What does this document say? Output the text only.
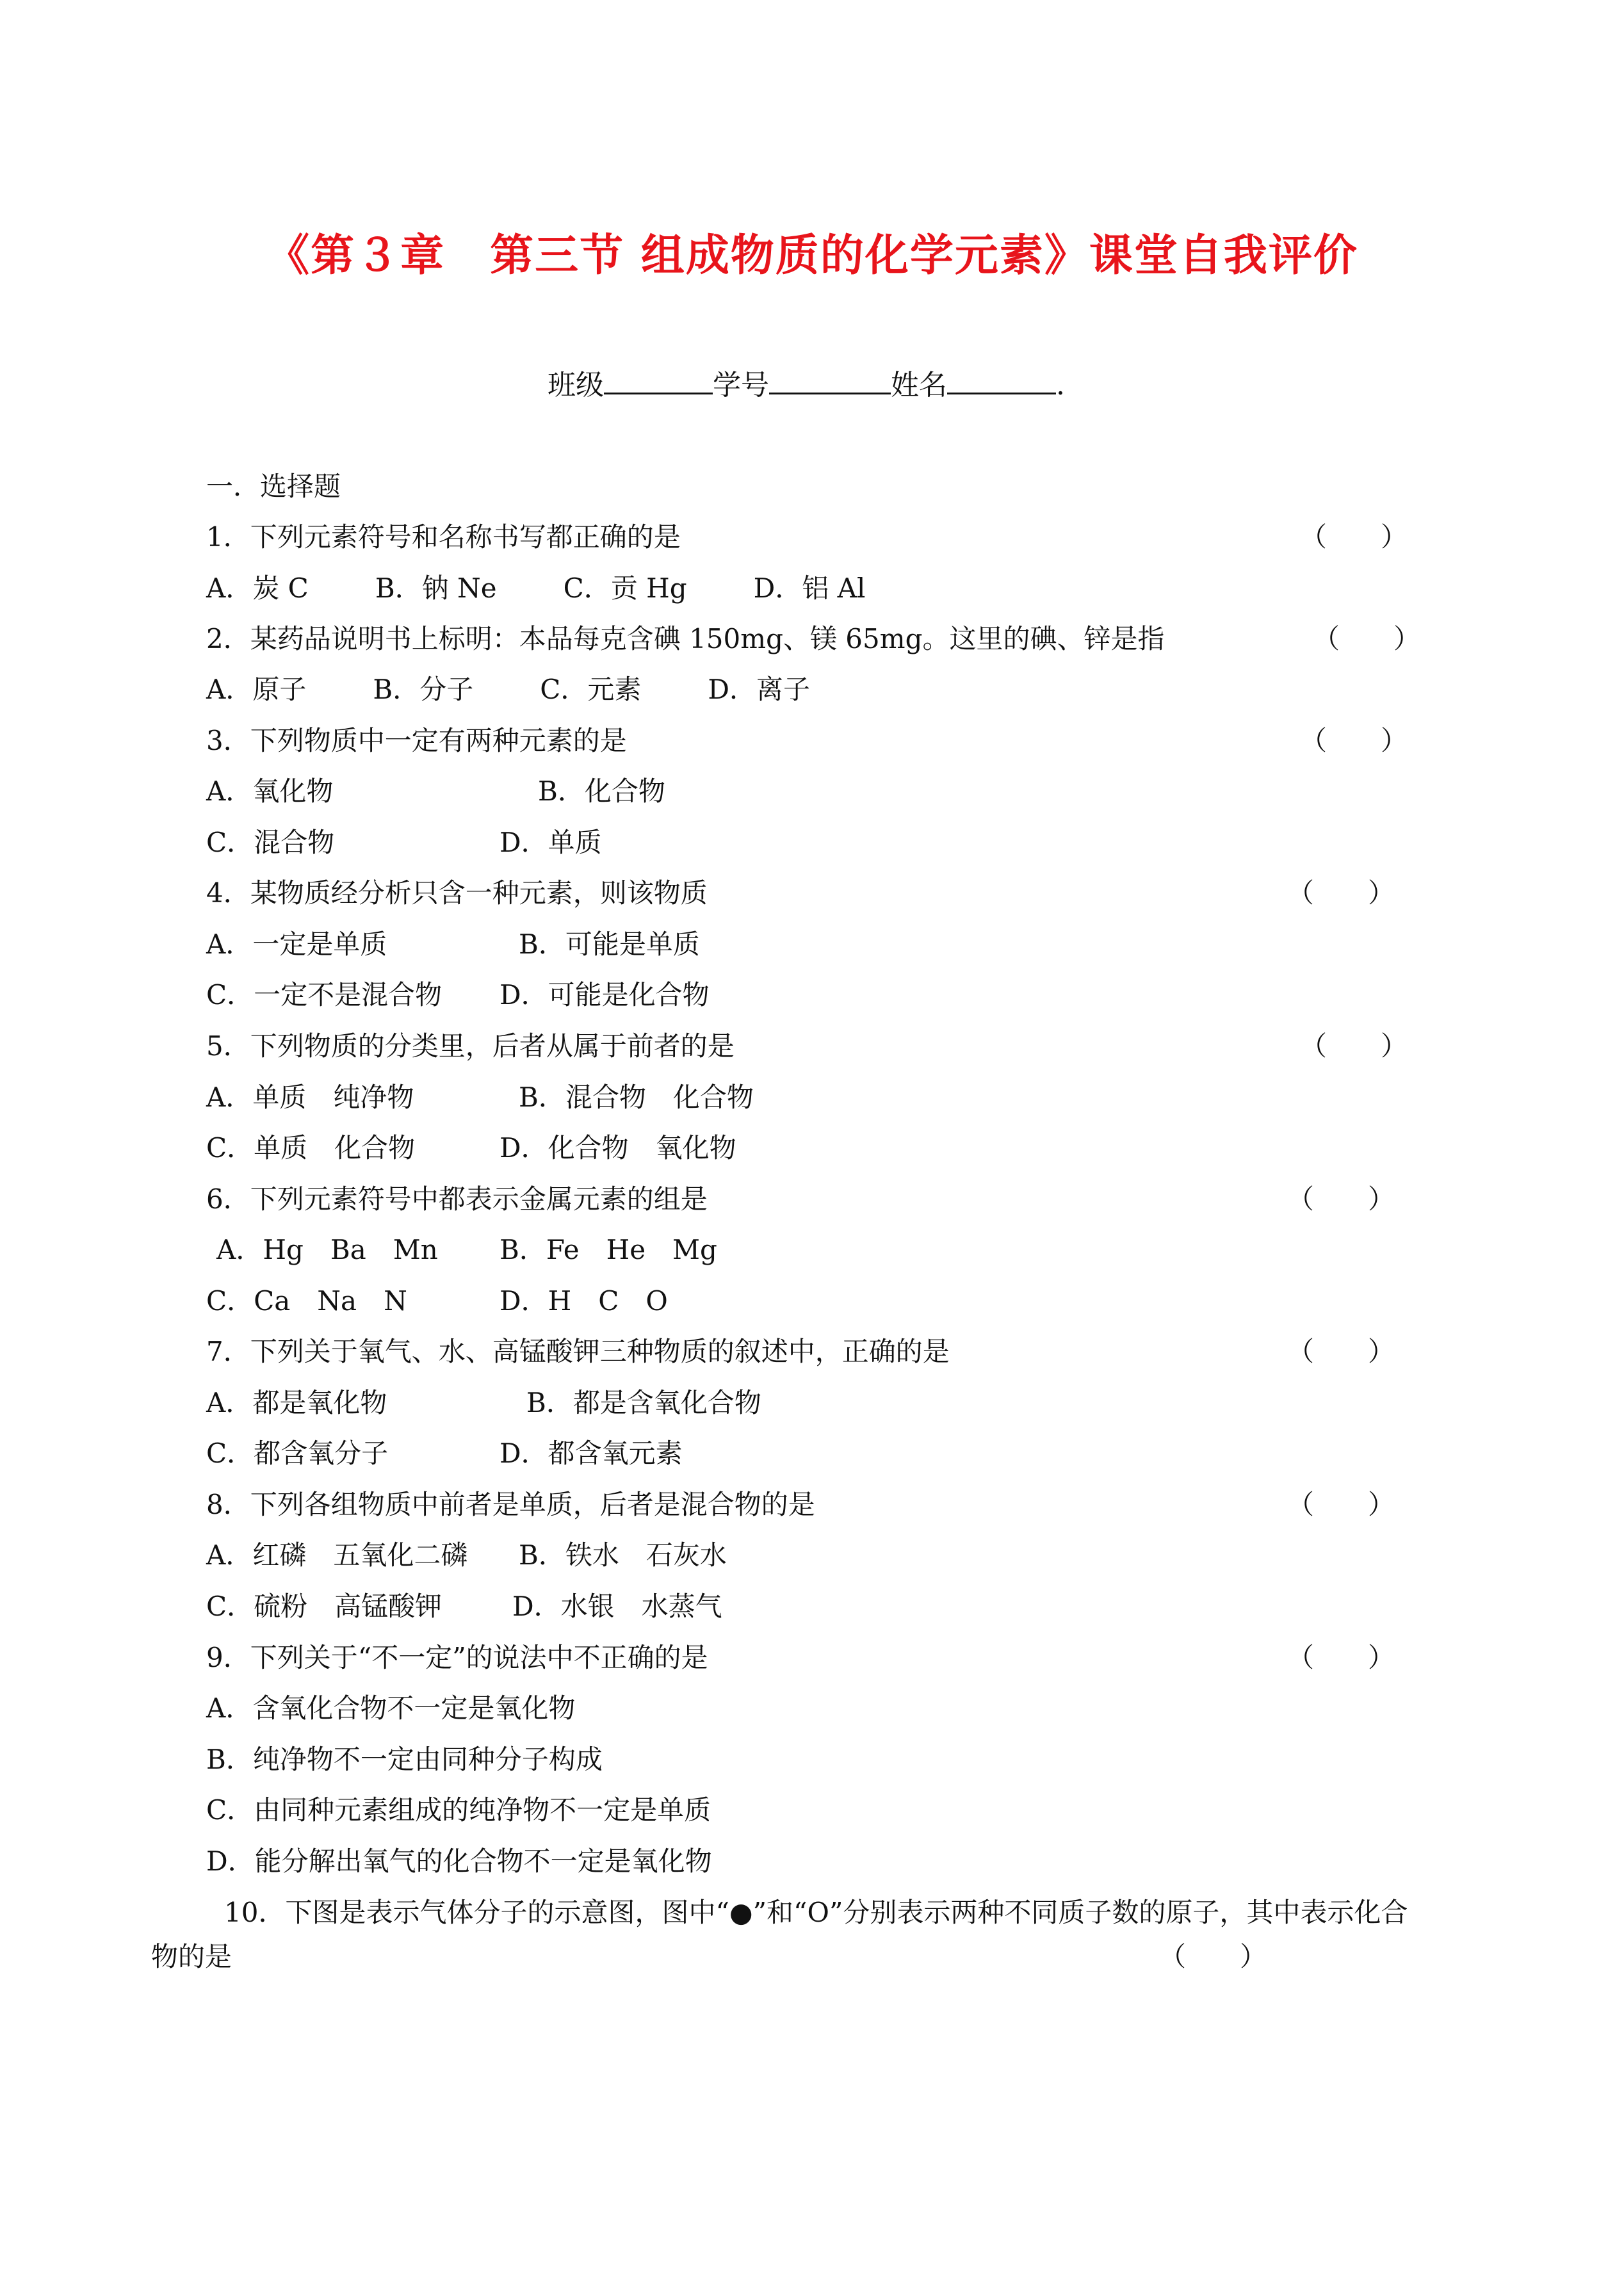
《第３章　第三节 组成物质的化学元素》课堂自我评价
班级	学号	姓名	.
一．选择题
1．下列元素符号和名称书写都正确的是	（　　）
A．炭 C B．钠 Ne C．贡 Hg D．铝 Al
2．某药品说明书上标明：本品每克含碘 150mg、镁 65mg。这里的碘、锌是指	（　　）
A．原子 B．分子 C．元素 D．离子
3．下列物质中一定有两种元素的是	（　　）
A．氧化物	B．化合物
C．混合物	D．单质
4．某物质经分析只含一种元素，则该物质	（　　）
A．一定是单质	B．可能是单质
C．一定不是混合物 D．可能是化合物
5．下列物质的分类里，后者从属于前者的是	（　　）
A．单质　纯净物	B．混合物　化合物
C．单质　化合物	D．化合物　氧化物
6．下列元素符号中都表示金属元素的组是	（　　）
A．Hg　Ba　Mn B．Fe　He　Mg
C．Ca　Na　N	D．H　C　O
7．下列关于氧气、水、高锰酸钾三种物质的叙述中，正确的是	（　　）
A．都是氧化物	B．都是含氧化合物
C．都含氧分子	D．都含氧元素
8．下列各组物质中前者是单质，后者是混合物的是	（　　）
A．红磷　五氧化二磷 B．铁水　石灰水
C．硫粉　高锰酸钾	D．水银　水蒸气
9．下列关于“不一定”的说法中不正确的是	（　　）
A．含氧化合物不一定是氧化物
B．纯净物不一定由同种分子构成
C．由同种元素组成的纯净物不一定是单质
D．能分解出氧气的化合物不一定是氧化物
10．下图是表示气体分子的示意图，图中“●”和“O”分别表示两种不同质子数的原子，其中表示化合
物的是	（　　）
